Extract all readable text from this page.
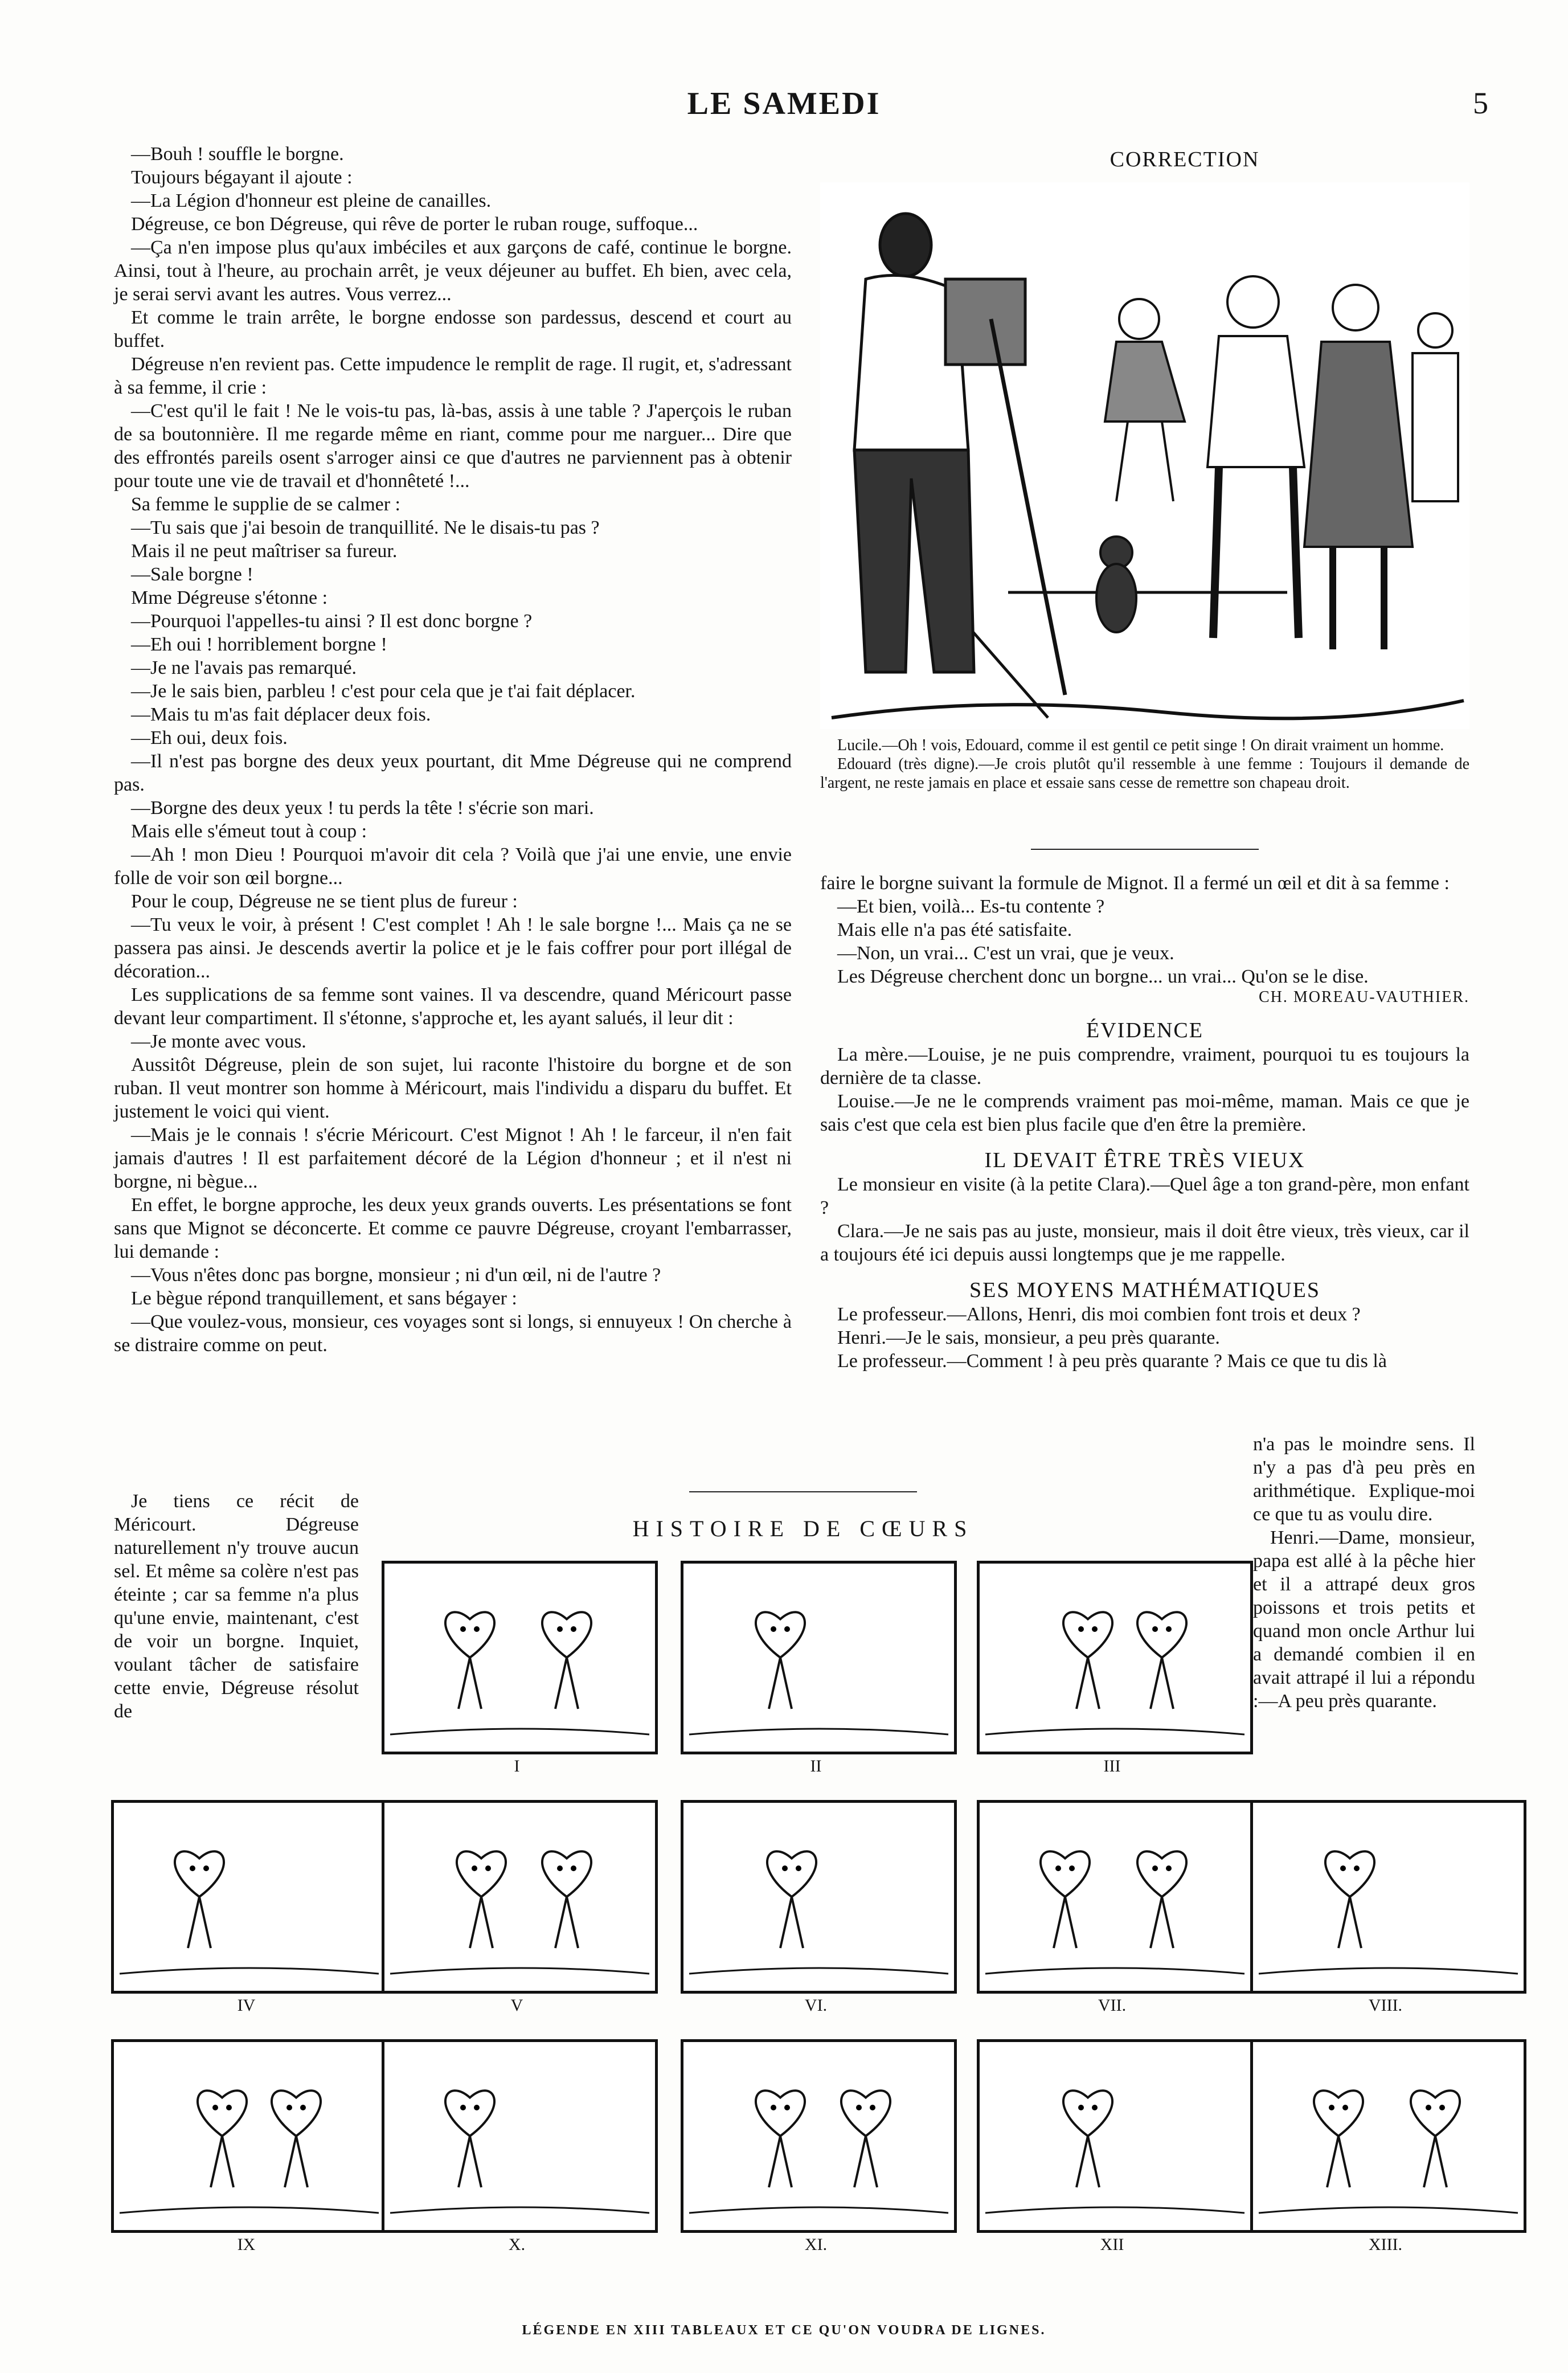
LE SAMEDI	5

—Bouh ! souffle le borgne.

Toujours bégayant il ajoute :

—La Légion d'honneur est pleine de canailles.

Dégreuse, ce bon Dégreuse, qui rêve de porter le ruban rouge, suffoque...

—Ça n'en impose plus qu'aux imbéciles et aux garçons de café, continue le borgne. Ainsi, tout à l'heure, au prochain arrêt, je veux déjeuner au buffet. Eh bien, avec cela, je serai servi avant les autres. Vous verrez...

Et comme le train arrête, le borgne endosse son pardessus, descend et court au buffet.

Dégreuse n'en revient pas. Cette impudence le remplit de rage. Il rugit, et, s'adressant à sa femme, il crie :

—C'est qu'il le fait ! Ne le vois-tu pas, là-bas, assis à une table ? J'aperçois le ruban de sa boutonnière. Il me regarde même en riant, comme pour me narguer... Dire que des effrontés pareils osent s'arroger ainsi ce que d'autres ne parviennent pas à obtenir pour toute une vie de travail et d'honnêteté !...

Sa femme le supplie de se calmer :

—Tu sais que j'ai besoin de tranquillité. Ne le disais-tu pas ?

Mais il ne peut maîtriser sa fureur.

—Sale borgne !

Mme Dégreuse s'étonne :

—Pourquoi l'appelles-tu ainsi ? Il est donc borgne ?

—Eh oui ! horriblement borgne !

—Je ne l'avais pas remarqué.

—Je le sais bien, parbleu ! c'est pour cela que je t'ai fait déplacer.

—Mais tu m'as fait déplacer deux fois.

—Eh oui, deux fois.

—Il n'est pas borgne des deux yeux pourtant, dit Mme Dégreuse qui ne comprend pas.

—Borgne des deux yeux ! tu perds la tête ! s'écrie son mari.

Mais elle s'émeut tout à coup :

—Ah ! mon Dieu ! Pourquoi m'avoir dit cela ? Voilà que j'ai une envie, une envie folle de voir son œil borgne...

Pour le coup, Dégreuse ne se tient plus de fureur :

—Tu veux le voir, à présent ! C'est complet ! Ah ! le sale borgne !... Mais ça ne se passera pas ainsi. Je descends avertir la police et je le fais coffrer pour port illégal de décoration...

Les supplications de sa femme sont vaines. Il va descendre, quand Méricourt passe devant leur compartiment. Il s'étonne, s'approche et, les ayant salués, il leur dit :

—Je monte avec vous.

Aussitôt Dégreuse, plein de son sujet, lui raconte l'histoire du borgne et de son ruban. Il veut montrer son homme à Méricourt, mais l'individu a disparu du buffet. Et justement le voici qui vient.

—Mais je le connais ! s'écrie Méricourt. C'est Mignot ! Ah ! le farceur, il n'en fait jamais d'autres ! Il est parfaitement décoré de la Légion d'honneur ; et il n'est ni borgne, ni bègue...

En effet, le borgne approche, les deux yeux grands ouverts. Les présentations se font sans que Mignot se déconcerte. Et comme ce pauvre Dégreuse, croyant l'embarrasser, lui demande :

—Vous n'êtes donc pas borgne, monsieur ; ni d'un œil, ni de l'autre ?

Le bègue répond tranquillement, et sans bégayer :

—Que voulez-vous, monsieur, ces voyages sont si longs, si ennuyeux ! On cherche à se distraire comme on peut.

Je tiens ce récit de Méricourt. Dégreuse naturellement n'y trouve aucun sel. Et même sa colère n'est pas éteinte ; car sa femme n'a plus qu'une envie, maintenant, c'est de voir un borgne. Inquiet, voulant tâcher de satisfaire cette envie, Dégreuse résolut de

CORRECTION
Lucile.—Oh ! vois, Edouard, comme il est gentil ce petit singe ! On dirait vraiment un homme.
Edouard (très digne).—Je crois plutôt qu'il ressemble à une femme : Toujours il demande de l'argent, ne reste jamais en place et essaie sans cesse de remettre son chapeau droit.

faire le borgne suivant la formule de Mignot. Il a fermé un œil et dit à sa femme :

—Et bien, voilà... Es-tu contente ?

Mais elle n'a pas été satisfaite.

—Non, un vrai... C'est un vrai, que je veux.

Les Dégreuse cherchent donc un borgne... un vrai... Qu'on se le dise.

CH. MOREAU-VAUTHIER.
ÉVIDENCE

La mère.—Louise, je ne puis comprendre, vraiment, pourquoi tu es toujours la dernière de ta classe.

Louise.—Je ne le comprends vraiment pas moi-même, maman. Mais ce que je sais c'est que cela est bien plus facile que d'en être la première.

IL DEVAIT ÊTRE TRÈS VIEUX

Le monsieur en visite (à la petite Clara).—Quel âge a ton grand-père, mon enfant ?

Clara.—Je ne sais pas au juste, monsieur, mais il doit être vieux, très vieux, car il a toujours été ici depuis aussi longtemps que je me rappelle.

SES MOYENS MATHÉMATIQUES

Le professeur.—Allons, Henri, dis moi combien font trois et deux ?

Henri.—Je le sais, monsieur, a peu près quarante.

Le professeur.—Comment ! à peu près quarante ? Mais ce que tu dis là

n'a pas le moindre sens. Il n'y a pas d'à peu près en arithmétique. Explique-moi ce que tu as voulu dire.

Henri.—Dame, monsieur, papa est allé à la pêche hier et il a attrapé deux gros poissons et trois petits et quand mon oncle Arthur lui a demandé combien il en avait attrapé il lui a répondu :—A peu près quarante.

HISTOIRE DE CŒURS
I	II	III
IV	V	VI.	VII.	VIII.
IX	X.	XI.	XII	XIII.
LÉGENDE EN XIII TABLEAUX ET CE QU'ON VOUDRA DE LIGNES.
